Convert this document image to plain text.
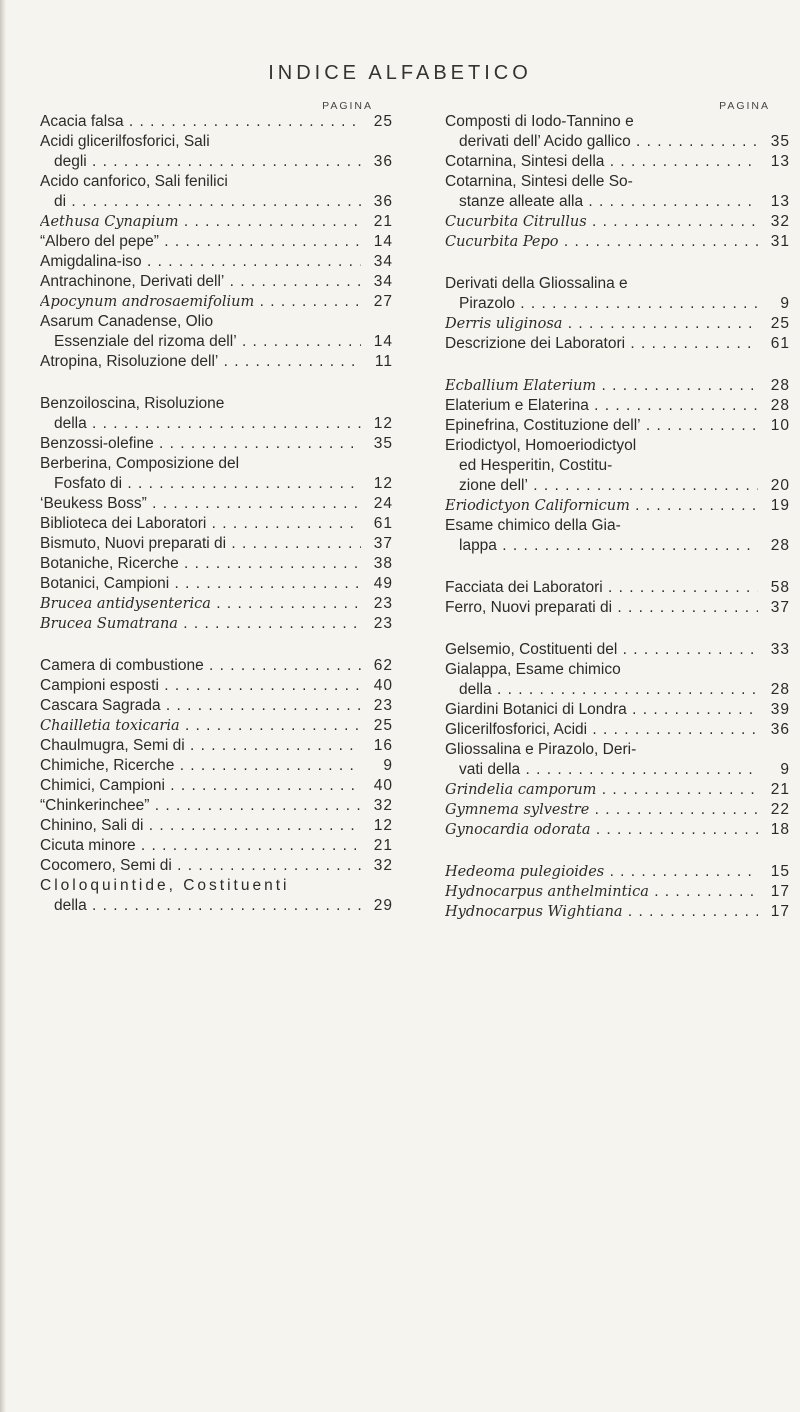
INDICE ALFABETICO
PAGINA
Acacia falsa . . .	25
Acidi glicerilfosforici, Sali
degli . . .	36
Acido canforico, Sali fenilici
di . . .	36
Aethusa Cynapium . . .	21
“Albero del pepe” . . .	14
Amigdalina-iso . . .	34
Antrachinone, Derivati dell’ . . .	34
Apocynum androsaemifolium . . .	27
Asarum Canadense, Olio
Essenziale del rizoma dell’ . . .	14
Atropina, Risoluzione dell’ . . .	11
Benzoiloscina, Risoluzione
della . . .	12
Benzossi-olefine . . .	35
Berberina, Composizione del
Fosfato di . . .	12
‘Beukess Boss” . . .	24
Biblioteca dei Laboratori . . .	61
Bismuto, Nuovi preparati di . . .	37
Botaniche, Ricerche . . .	38
Botanici, Campioni . . .	49
Brucea antidysenterica . . .	23
Brucea Sumatrana . . .	23
Camera di combustione . . .	62
Campioni esposti . . .	40
Cascara Sagrada . . .	23
Chailletia toxicaria . . .	25
Chaulmugra, Semi di . . .	16
Chimiche, Ricerche . . .	9
Chimici, Campioni . . .	40
“Chinkerinchee” . . .	32
Chinino, Sali di . . .	12
Cicuta minore . . .	21
Cocomero, Semi di . . .	32
Cloloquintide, Costituenti
della . . .	29
PAGINA
Composti di Iodo-Tannino e
derivati dell’ Acido gallico . . .	35
Cotarnina, Sintesi della . . .	13
Cotarnina, Sintesi delle So-
stanze alleate alla . . .	13
Cucurbita Citrullus . . .	32
Cucurbita Pepo . . .	31
Derivati della Gliossalina e
Pirazolo . . .	9
Derris uliginosa . . .	25
Descrizione dei Laboratori . . .	61
Ecballium Elaterium . . .	28
Elaterium e Elaterina . . .	28
Epinefrina, Costituzione dell’ . . .	10
Eriodictyol, Homoeriodictyol
ed Hesperitin, Costitu-
zione dell’ . . .	20
Eriodictyon Californicum . . .	19
Esame chimico della Gia-
lappa . . .	28
Facciata dei Laboratori . . .	58
Ferro, Nuovi preparati di . . .	37
Gelsemio, Costituenti del . . .	33
Gialappa, Esame chimico
della . . .	28
Giardini Botanici di Londra . . .	39
Glicerilfosforici, Acidi . . .	36
Gliossalina e Pirazolo, Deri-
vati della . . .	9
Grindelia camporum . . .	21
Gymnema sylvestre . . .	22
Gynocardia odorata . . .	18
Hedeoma pulegioides . . .	15
Hydnocarpus anthelmintica . . .	17
Hydnocarpus Wightiana . . .	17
